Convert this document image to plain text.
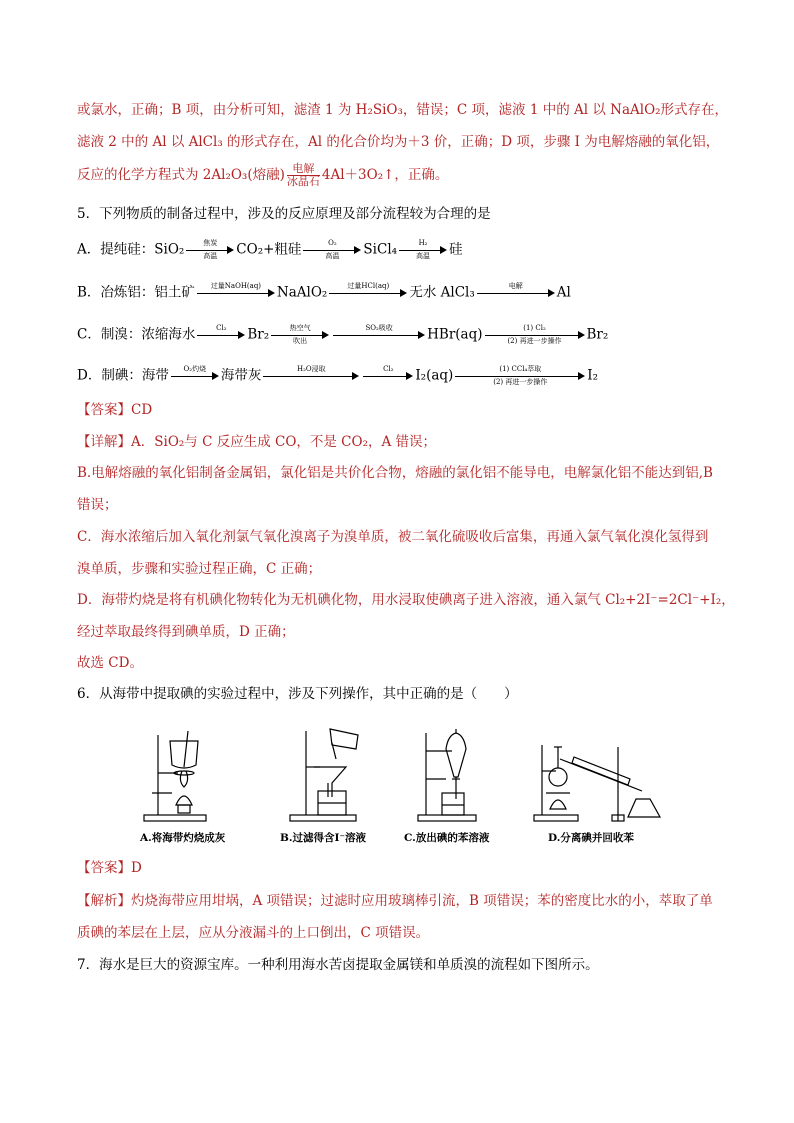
或氯水，正确；B 项，由分析可知，滤渣 1 为 H₂SiO₃，错误；C 项，滤液 1 中的 Al 以 NaAlO₂形式存在，
滤液 2 中的 Al 以 AlCl₃ 的形式存在，Al 的化合价均为＋3 价，正确；D 项，步骤 I 为电解熔融的氧化铝，
反应的化学方程式为 2Al₂O₃(熔融) $\frac{\text{电解}}{\text{冰晶石}}$ 4Al＋3O₂↑，正确。
5．下列物质的制备过程中，涉及的反应原理及部分流程较为合理的是
A．提纯硅：SiO₂	焦炭
高温	CO₂+粗硅	O₂
高温	SiCl₄	H₂
高温	硅
B．冶炼铝：铝土矿	过量NaOH(aq)	NaAlO₂	过量HCl(aq)	无水 AlCl₃	电解	Al
C．制溴：浓缩海水	Cl₂	Br₂	热空气
吹出
SO₂吸收	HBr(aq)	(1) Cl₂
(2) 再进一步操作	Br₂
D．制碘：海带	O₂灼烧	海带灰	H₂O浸取	Cl₂	I₂(aq)	(1) CCl₄萃取
(2) 再进一步操作	I₂
【答案】CD
【详解】A．SiO₂与 C 反应生成 CO，不是 CO₂，A 错误；
B.电解熔融的氧化铝制备金属铝，氯化铝是共价化合物，熔融的氯化铝不能导电，电解氯化铝不能达到铝,B
错误；
C．海水浓缩后加入氧化剂氯气氧化溴离子为溴单质，被二氧化硫吸收后富集，再通入氯气氧化溴化氢得到
溴单质，步骤和实验过程正确，C 正确；
D．海带灼烧是将有机碘化物转化为无机碘化物，用水浸取使碘离子进入溶液，通入氯气 Cl₂+2I⁻=2Cl⁻+I₂，
经过萃取最终得到碘单质，D 正确；
故选 CD。
6．从海带中提取碘的实验过程中，涉及下列操作，其中正确的是（　　）
A.将海带灼烧成灰	B.过滤得含I⁻溶液	C.放出碘的苯溶液	D.分离碘并回收苯
【答案】D
【解析】灼烧海带应用坩埚，A 项错误；过滤时应用玻璃棒引流，B 项错误；苯的密度比水的小，萃取了单
质碘的苯层在上层，应从分液漏斗的上口倒出，C 项错误。
7．海水是巨大的资源宝库。一种利用海水苦卤提取金属镁和单质溴的流程如下图所示。
